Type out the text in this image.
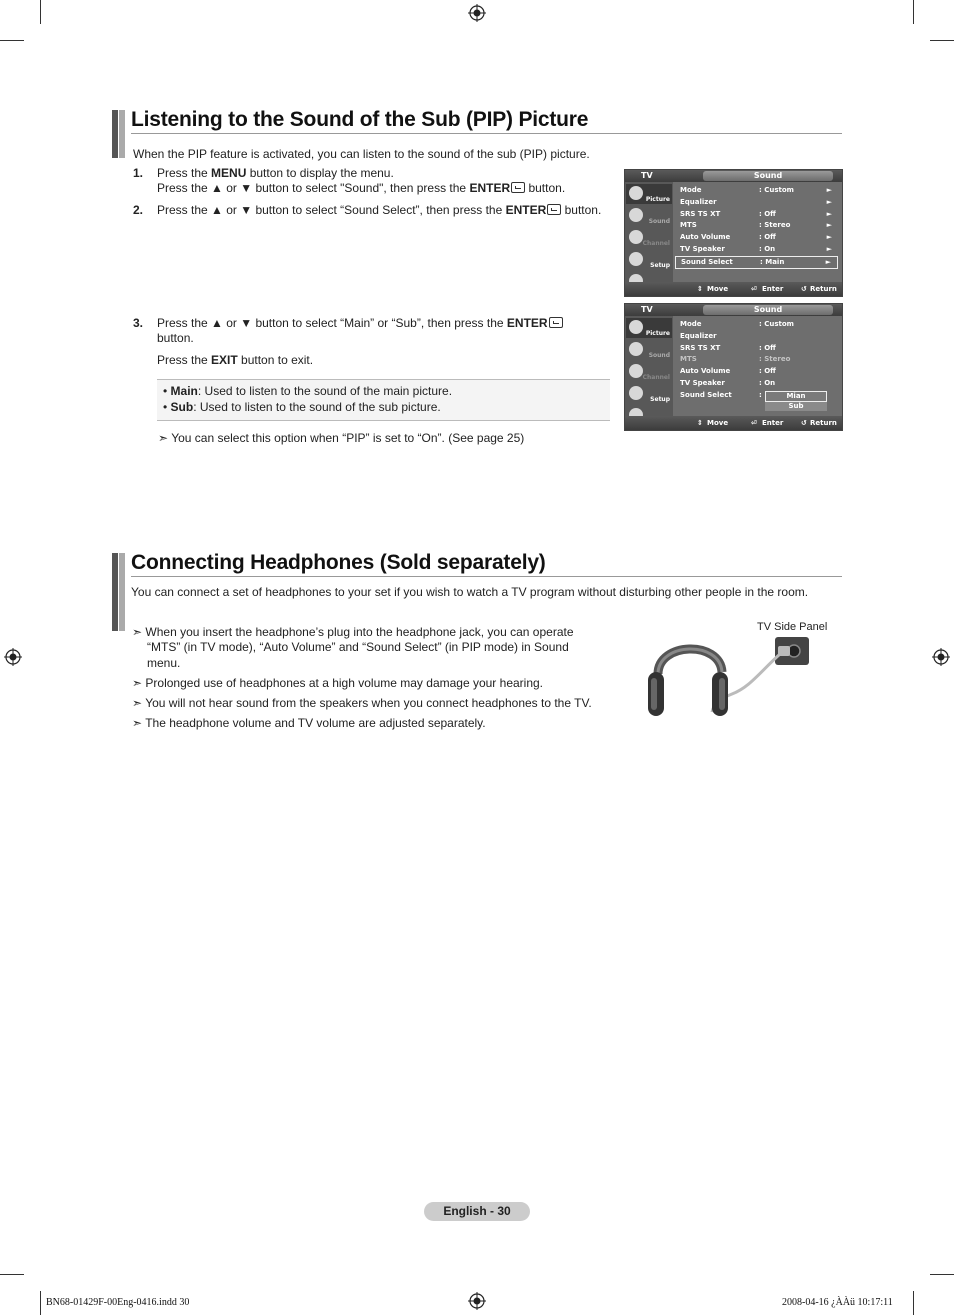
Listening to the Sound of the Sub (PIP) Picture

When the PIP feature is activated, you can listen to the sound of the sub (PIP) picture.

1. Press the MENU button to display the menu.

Press the ▲ or ▼ button to select "Sound", then press the ENTER button.

2. Press the ▲ or ▼ button to select “Sound Select”, then press the ENTER button.

3. Press the ▲ or ▼ button to select “Main” or “Sub”, then press the ENTER

button.

Press the EXIT button to exit.

• Main: Used to listen to the sound of the main picture.

• Sub: Used to listen to the sound of the sub picture.

➣ You can select this option when “PIP” is set to “On”. (See page 25)

TV	Sound
Picture
Sound
Channel
Setup
Mode	: Custom	►
Equalizer	►
SRS TS XT	: Off	►
MTS	: Stereo	►
Auto Volume	: Off	►
TV Speaker	: On	►
Sound Select	: Main	►
⇕ Move	⏎ Enter	↺ Return
TV	Sound
Picture
Sound
Channel
Setup
Mode	: Custom
Equalizer
SRS TS XT	: Off
MTS	: Stereo
Auto Volume	: Off
TV Speaker	: On
Sound Select	:	Mian
Sub
⇕ Move	⏎ Enter	↺ Return
Connecting Headphones (Sold separately)

You can connect a set of headphones to your set if you wish to watch a TV program without disturbing other people in the room.

➣ When you insert the headphone’s plug into the headphone jack, you can operate

“MTS” (in TV mode), “Auto Volume” and “Sound Select” (in PIP mode) in Sound

menu.

➣ Prolonged use of headphones at a high volume may damage your hearing.

➣ You will not hear sound from the speakers when you connect headphones to the TV.

➣ The headphone volume and TV volume are adjusted separately.

TV Side Panel

English - 30
BN68-01429F-00Eng-0416.indd 30	2008-04-16 ¿ÀÀü 10:17:11
